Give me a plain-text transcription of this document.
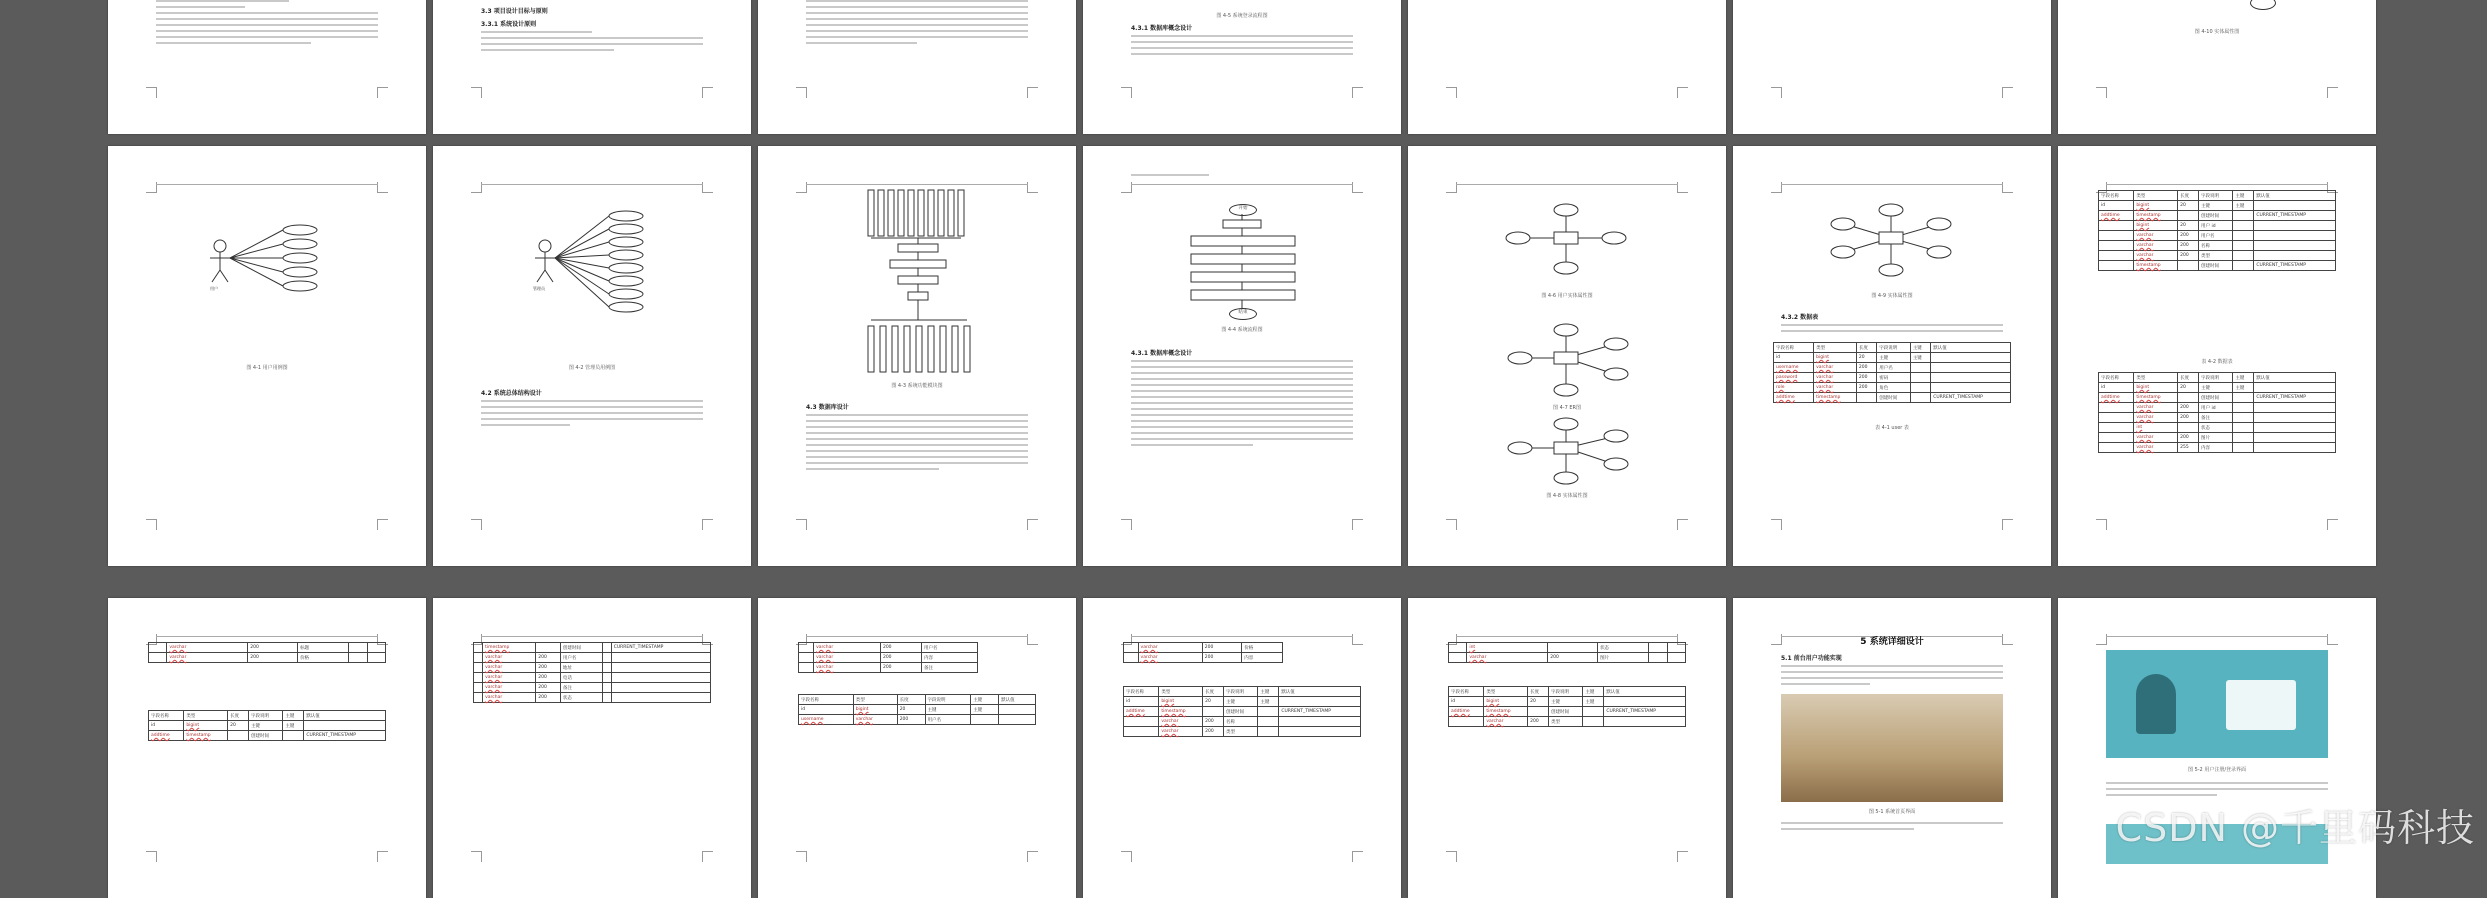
3.3 项目设计目标与原则
3.3.1 系统设计原则
图 4-5 系统登录流程图
4.3.1 数据库概念设计	图 4-10 实体属性图
用户
图 4-1 用户用例图
管理员
图 4-2 管理员用例图
4.2 系统总体结构设计
图 4-3 系统功能模块图
4.3 数据库设计
开始
结束
图 4-4 系统流程图
4.3.1 数据库概念设计
图 4-6 用户实体属性图
图 4-7 ER图
图 4-8 实体属性图
图 4-9 实体属性图
4.3.2 数据表
字段名称	类型	长度	字段说明	主键	默认值
id	bigint	20	主键	主键	
username	varchar	200	用户名		
password	varchar	200	密码		
role	varchar	200	角色		
addtime	timestamp		创建时间		CURRENT_TIMESTAMP
表 4-1 user 表
字段名称	类型	长度	字段说明	主键	默认值
id	bigint	20	主键	主键	
addtime	timestamp		创建时间		CURRENT_TIMESTAMP
	bigint	20	用户 id		
	varchar	200	用户名		
	varchar	200	名称		
	varchar	200	类型		
	timestamp		创建时间		CURRENT_TIMESTAMP
表 4-2 数据表
字段名称	类型	长度	字段说明	主键	默认值
id	bigint	20	主键	主键	
addtime	timestamp		创建时间		CURRENT_TIMESTAMP
	varchar	200	用户 id		
	varchar	200	备注		
	int		状态		
	varchar	200	图片		
	varchar	255	内容		
	varchar	200	标题		
	varchar	200	价格		
字段名称	类型	长度	字段说明	主键	默认值
id	bigint	20	主键	主键	
addtime	timestamp		创建时间		CURRENT_TIMESTAMP
	timestamp		创建时间		CURRENT_TIMESTAMP
	varchar	200	用户名		
	varchar	200	地址		
	varchar	200	电话		
	varchar	200	备注		
	varchar	200	状态		
	varchar	200	用户名
	varchar	200	内容
	varchar	200	备注
字段名称	类型	长度	字段说明	主键	默认值
id	bigint	20	主键	主键	
username	varchar	200	用户名		
	varchar	200	价格
	varchar	200	内容
字段名称	类型	长度	字段说明	主键	默认值
id	bigint	20	主键	主键	
addtime	timestamp		创建时间		CURRENT_TIMESTAMP
	varchar	200	名称		
	varchar	200	类型		
	int		状态		
	varchar	200	图片		
字段名称	类型	长度	字段说明	主键	默认值
id	bigint	20	主键	主键	
addtime	timestamp		创建时间		CURRENT_TIMESTAMP
	varchar	200	类型		
5 系统详细设计
5.1 前台用户功能实现
图 5-1 系统首页界面
图 5-2 用户注册/登录界面
CSDN @千里码科技
